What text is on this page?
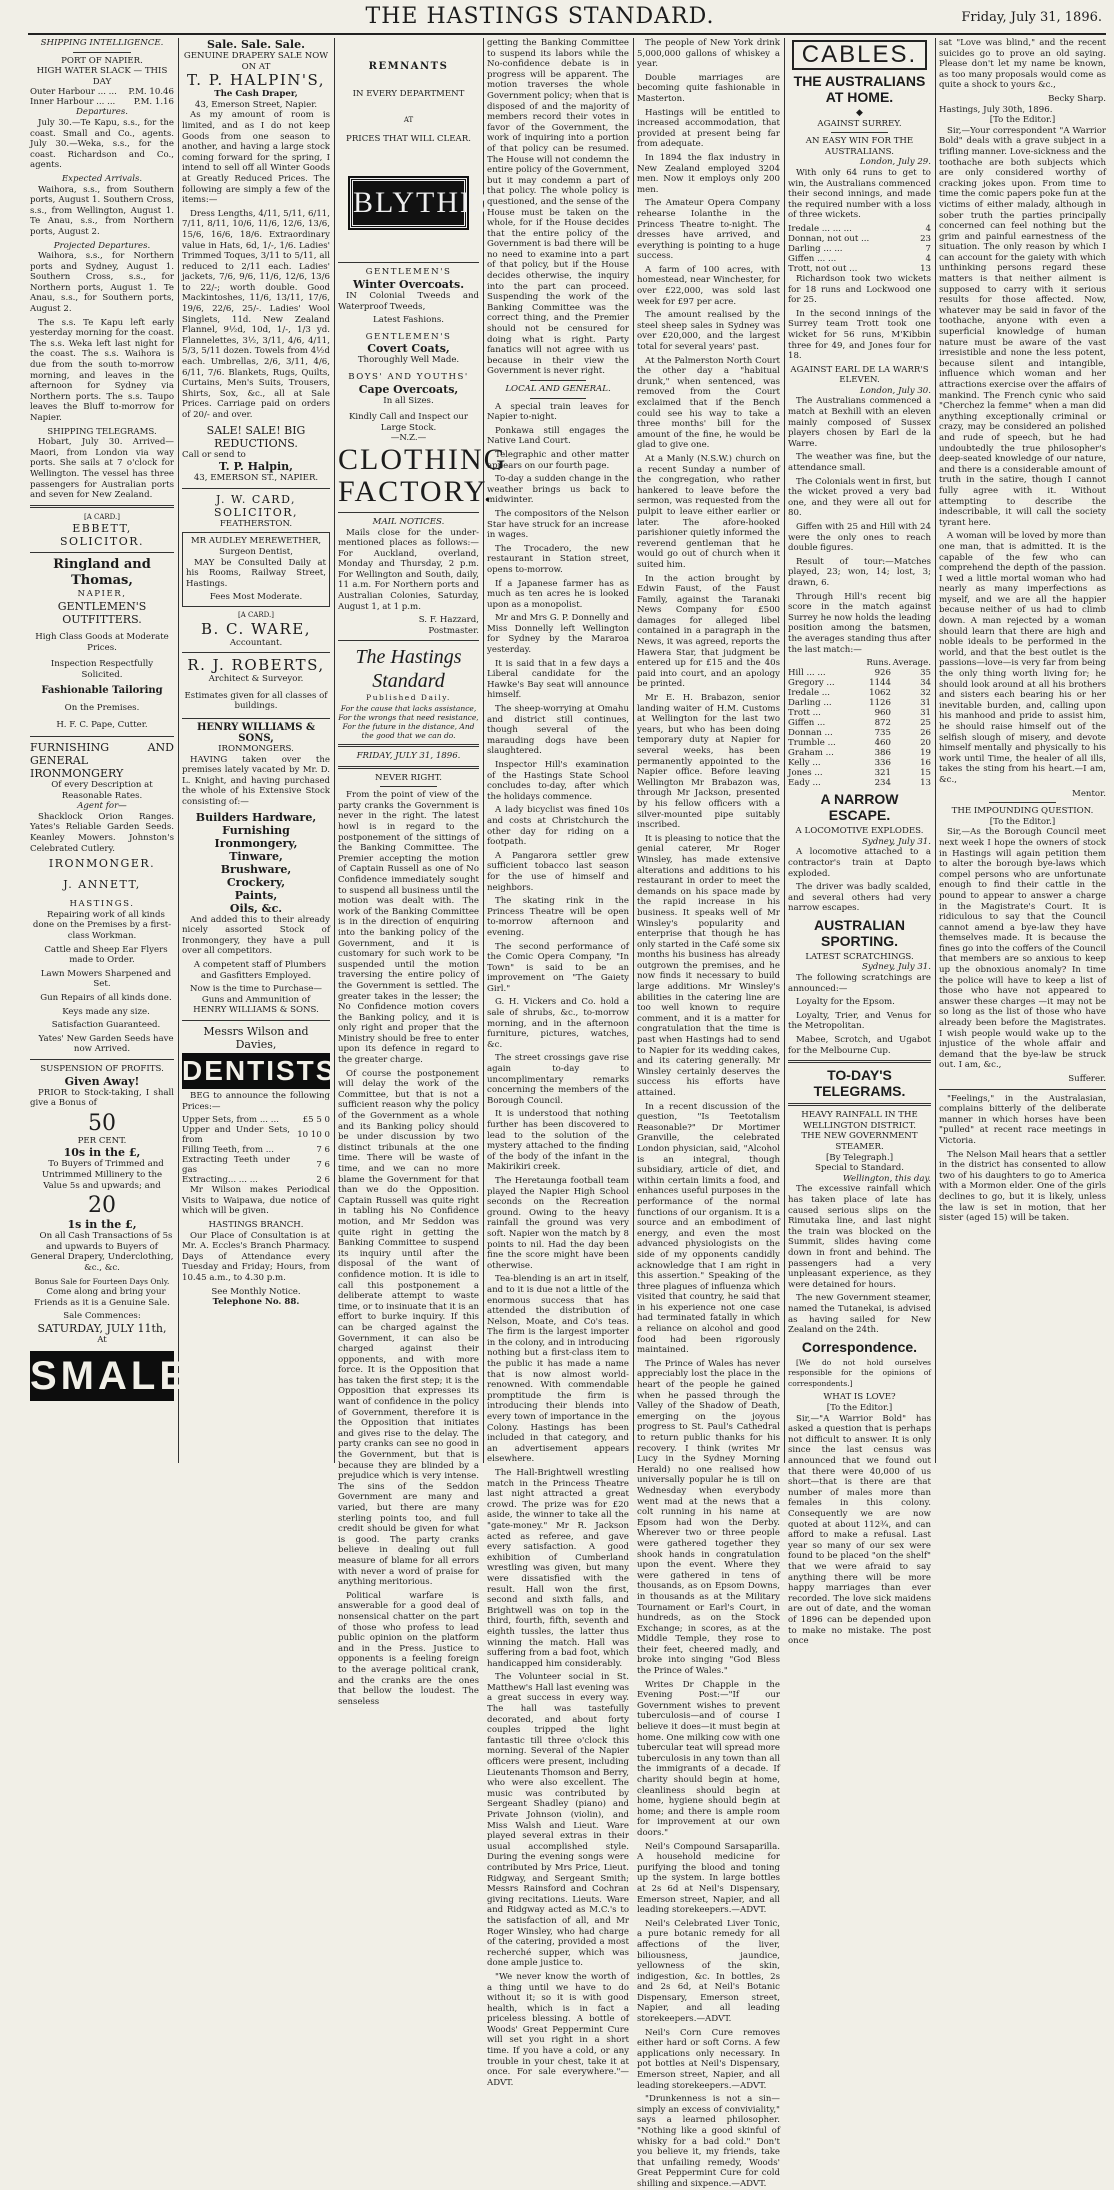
THE HASTINGS STANDARD.	Friday, July 31, 1896.
SHIPPING INTELLIGENCE.
PORT OF NAPIER.
HIGH WATER SLACK — THIS DAY
Outer Harbour ... ...	P.M. 10.46
Inner Harbour ... ...	P.M. 1.16
Departures.

July 30.—Te Kapu, s.s., for the coast. Small and Co., agents. July 30.—Weka, s.s., for the coast. Richardson and Co., agents.

Expected Arrivals.

Waihora, s.s., from Southern ports, August 1. Southern Cross, s.s., from Wellington, August 1. Te Anau, s.s., from Northern ports, August 2.

Projected Departures.

Waihora, s.s., for Northern ports and Sydney, August 1. Southern Cross, s.s., for Northern ports, August 1. Te Anau, s.s., for Southern ports, August 2.

The s.s. Te Kapu left early yesterday morning for the coast. The s.s. Weka left last night for the coast. The s.s. Waihora is due from the south to-morrow morning, and leaves in the afternoon for Sydney via Northern ports. The s.s. Taupo leaves the Bluff to-morrow for Napier.

SHIPPING TELEGRAMS.

Hobart, July 30. Arrived—Maori, from London via way ports. She sails at 7 o'clock for Wellington. The vessel has three passengers for Australian ports and seven for New Zealand.

[A CARD.]
EBBETT,
SOLICITOR.
Ringland and Thomas,
NAPIER,
GENTLEMEN'S OUTFITTERS.
High Class Goods at Moderate Prices.
Inspection Respectfully Solicited.
Fashionable Tailoring
On the Premises.
H. F. C. Pape, Cutter.
FURNISHING AND GENERAL IRONMONGERY
Of every Description at Reasonable Rates.
Agent for—

Shacklock Orion Ranges. Yates's Reliable Garden Seeds. Keanley Mowers. Johnston's Celebrated Cutlery.

IRONMONGER.
J. ANNETT,
HASTINGS.

Repairing work of all kinds done on the Premises by a first-class Workman.

Cattle and Sheep Ear Flyers made to Order.

Lawn Mowers Sharpened and Set.

Gun Repairs of all kinds done.

Keys made any size.

Satisfaction Guaranteed.

Yates' New Garden Seeds have now Arrived.

SUSPENSION OF PROFITS.
Given Away!

PRIOR to Stock-taking, I shall give a Bonus of

50
PER CENT.
10s in the £,

To Buyers of Trimmed and Untrimmed Millinery to the Value 5s and upwards; and

20
1s in the £,

On all Cash Transactions of 5s and upwards to Buyers of General Drapery, Underclothing, &c., &c.

Bonus Sale for Fourteen Days Only.

Come along and bring your Friends as it is a Genuine Sale.

Sale Commences:
SATURDAY, JULY 11th,
At
SMALE'S
Sale. Sale. Sale.
GENUINE DRAPERY SALE NOW ON AT
T. P. HALPIN'S,
The Cash Draper,
43, Emerson Street, Napier.

As my amount of room is limited, and as I do not keep Goods from one season to another, and having a large stock coming forward for the spring, I intend to sell off all Winter Goods at Greatly Reduced Prices. The following are simply a few of the items:—

Dress Lengths, 4/11, 5/11, 6/11, 7/11, 8/11, 10/6, 11/6, 12/6, 13/6, 15/6, 16/6, 18/6. Extraordinary value in Hats, 6d, 1/-, 1/6. Ladies' Trimmed Toques, 3/11 to 5/11, all reduced to 2/11 each. Ladies' jackets, 7/6, 9/6, 11/6, 12/6, 13/6 to 22/-; worth double. Good Mackintoshes, 11/6, 13/11, 17/6, 19/6, 22/6, 25/-. Ladies' Wool Singlets, 11d. New Zealand Flannel, 9½d, 10d, 1/-, 1/3 yd. Flannelettes, 3½, 3/11, 4/6, 4/11, 5/3, 5/11 dozen. Towels from 4½d each. Umbrellas, 2/6, 3/11, 4/6, 6/11, 7/6. Blankets, Rugs, Quilts, Curtains, Men's Suits, Trousers, Shirts, Sox, &c., all at Sale Prices. Carriage paid on orders of 20/- and over.

SALE! SALE! BIG REDUCTIONS.
Call or send to
T. P. Halpin,
43, EMERSON ST., NAPIER.
J. W. CARD,
SOLICITOR,
FEATHERSTON.
MR AUDLEY MEREWETHER,
Surgeon Dentist,

MAY be Consulted Daily at his Rooms, Railway Street, Hastings.

Fees Most Moderate.
[A CARD.]
B. C. WARE,
Accountant.
R. J. ROBERTS,
Architect & Surveyor.
Estimates given for all classes of buildings.
HENRY WILLIAMS & SONS,
IRONMONGERS.

HAVING taken over the premises lately vacated by Mr. D. L. Knight, and having purchased the whole of his Extensive Stock consisting of:—

Builders Hardware,
Furnishing Ironmongery,
Tinware,
Brushware,
Crockery,
Paints,
Oils, &c.

And added this to their already nicely assorted Stock of Ironmongery, they have a pull over all competitors.

A competent staff of Plumbers and Gasfitters Employed.

Now is the time to Purchase—
Guns and Ammunition of
HENRY WILLIAMS & SONS.
Messrs Wilson and Davies,
DENTISTS

BEG to announce the following Prices:—

Upper Sets, from ... ...	£5 5 0
Upper and Under Sets, from	10 10 0
Filling Teeth, from ...	7 6
Extracting Teeth under gas	7 6
Extracting... ... ...	2 6

Mr Wilson makes Periodical Visits to Waipawa, due notice of which will be given.

HASTINGS BRANCH.

Our Place of Consultation is at Mr. A. Eccles's Branch Pharmacy. Days of Attendance every Tuesday and Friday; Hours, from 10.45 a.m., to 4.30 p.m.

See Monthly Notice.
Telephone No. 88.
REMNANTS
IN EVERY DEPARTMENT
AT
PRICES THAT WILL CLEAR.
BLYTHES
GENTLEMEN'S
Winter Overcoats.

IN Colonial Tweeds and Waterproof Tweeds,

Latest Fashions.
GENTLEMEN'S
Covert Coats,
Thoroughly Well Made.
BOYS' AND YOUTHS'
Cape Overcoats,
In all Sizes.
Kindly Call and Inspect our Large Stock.
—N.Z.—
CLOTHING FACTORY.
MAIL NOTICES.

Mails close for the under-mentioned places as follows:— For Auckland, overland, Monday and Thursday, 2 p.m. For Wellington and South, daily, 11 a.m. For Northern ports and Australian Colonies, Saturday, August 1, at 1 p.m.

S. F. Hazzard,
Postmaster.
The Hastings Standard
Published Daily.
For the cause that lacks assistance, For the wrongs that need resistance, For the future in the distance, And the good that we can do.
FRIDAY, JULY 31, 1896.
NEVER RIGHT.

From the point of view of the party cranks the Government is never in the right. The latest howl is in regard to the postponement of the sittings of the Banking Committee. The Premier accepting the motion of Captain Russell as one of No Confidence immediately sought to suspend all business until the motion was dealt with. The work of the Banking Committee is in the direction of enquiring into the banking policy of the Government, and it is customary for such work to be suspended until the motion traversing the entire policy of the Government is settled. The greater takes in the lesser; the No Confidence motion covers the Banking policy, and it is only right and proper that the Ministry should be free to enter upon its defence in regard to the greater charge.

Of course the postponement will delay the work of the Committee, but that is not a sufficient reason why the policy of the Government as a whole and its Banking policy should be under discussion by two distinct tribunals at the one time. There will be waste of time, and we can no more blame the Government for that than we do the Opposition. Captain Russell was quite right in tabling his No Confidence motion, and Mr Seddon was quite right in getting the Banking Committee to suspend its inquiry until after the disposal of the want of confidence motion. It is idle to call this postponement a deliberate attempt to waste time, or to insinuate that it is an effort to burke inquiry. If this can be charged against the Government, it can also be charged against their opponents, and with more force. It is the Opposition that has taken the first step; it is the Opposition that expresses its want of confidence in the policy of Government, therefore it is the Opposition that initiates and gives rise to the delay. The party cranks can see no good in the Government, but that is because they are blinded by a prejudice which is very intense. The sins of the Seddon Government are many and varied, but there are many sterling points too, and full credit should be given for what is good. The party cranks believe in dealing out full measure of blame for all errors with never a word of praise for anything meritorious.

Political warfare is answerable for a good deal of nonsensical chatter on the part of those who profess to lead public opinion on the platform and in the Press. Justice to opponents is a feeling foreign to the average political crank, and the cranks are the ones that bellow the loudest. The senseless

getting the Banking Committee to suspend its labors while the No-confidence debate is in progress will be apparent. The motion traverses the whole Government policy; when that is disposed of and the majority of members record their votes in favor of the Government, the work of inquiring into a portion of that policy can be resumed. The House will not condemn the entire policy of the Government, but it may condemn a part of that policy. The whole policy is questioned, and the sense of the House must be taken on the whole, for if the House decides that the entire policy of the Government is bad there will be no need to examine into a part of that policy, but if the House decides otherwise, the inquiry into the part can proceed. Suspending the work of the Banking Committee was the correct thing, and the Premier should not be censured for doing what is right. Party fanatics will not agree with us because in their view the Government is never right.

LOCAL AND GENERAL.

A special train leaves for Napier to-night.

Ponkawa still engages the Native Land Court.

Telegraphic and other matter appears on our fourth page.

To-day a sudden change in the weather brings us back to midwinter.

The compositors of the Nelson Star have struck for an increase in wages.

The Trocadero, the new restaurant in Station street, opens to-morrow.

If a Japanese farmer has as much as ten acres he is looked upon as a monopolist.

Mr and Mrs G. P. Donnelly and Miss Donnelly left Wellington for Sydney by the Mararoa yesterday.

It is said that in a few days a Liberal candidate for the Hawke's Bay seat will announce himself.

The sheep-worrying at Omahu and district still continues, though several of the marauding dogs have been slaughtered.

Inspector Hill's examination of the Hastings State School concludes to-day, after which the holidays commence.

A lady bicyclist was fined 10s and costs at Christchurch the other day for riding on a footpath.

A Pangarora settler grew sufficient tobacco last season for the use of himself and neighbors.

The skating rink in the Princess Theatre will be open to-morrow afternoon and evening.

The second performance of the Comic Opera Company, "In Town" is said to be an improvement on "The Gaiety Girl."

G. H. Vickers and Co. hold a sale of shrubs, &c., to-morrow morning, and in the afternoon furniture, pictures, watches, &c.

The street crossings gave rise again to-day to uncomplimentary remarks concerning the members of the Borough Council.

It is understood that nothing further has been discovered to lead to the solution of the mystery attached to the finding of the body of the infant in the Makirikiri creek.

The Heretaunga football team played the Napier High School seconds on the Recreation ground. Owing to the heavy rainfall the ground was very soft. Napier won the match by 8 points to nil. Had the day been fine the score might have been otherwise.

Tea-blending is an art in itself, and to it is due not a little of the enormous success that has attended the distribution of Nelson, Moate, and Co's teas. The firm is the largest importer in the colony, and in introducing nothing but a first-class item to the public it has made a name that is now almost world-renowned. With commendable promptitude the firm is introducing their blends into every town of importance in the Colony. Hastings has been included in that category, and an advertisement appears elsewhere.

The Hall-Brightwell wrestling match in the Princess Theatre last night attracted a great crowd. The prize was for £20 aside, the winner to take all the "gate-money." Mr R. Jackson acted as referee, and gave every satisfaction. A good exhibition of Cumberland wrestling was given, but many were dissatisfied with the result. Hall won the first, second and sixth falls, and Brightwell was on top in the third, fourth, fifth, seventh and eighth tussles, the latter thus winning the match. Hall was suffering from a bad foot, which handicapped him considerably.

The Volunteer social in St. Matthew's Hall last evening was a great success in every way. The hall was tastefully decorated, and about forty couples tripped the light fantastic till three o'clock this morning. Several of the Napier officers were present, including Lieutenants Thomson and Berry, who were also excellent. The music was contributed by Sergeant Shadley (piano) and Private Johnson (violin), and Miss Walsh and Lieut. Ware played several extras in their usual accomplished style. During the evening songs were contributed by Mrs Price, Lieut. Ridgway, and Sergeant Smith; Messrs Rainsford and Cochran giving recitations. Lieuts. Ware and Ridgway acted as M.C.'s to the satisfaction of all, and Mr Roger Winsley, who had charge of the catering, provided a most recherché supper, which was done ample justice to.

"We never know the worth of a thing until we have to do without it; so it is with good health, which is in fact a priceless blessing. A bottle of Woods' Great Peppermint Cure will set you right in a short time. If you have a cold, or any trouble in your chest, take it at once. For sale everywhere."—ADVT.

The people of New York drink 5,000,000 gallons of whiskey a year.

Double marriages are becoming quite fashionable in Masterton.

Hastings will be entitled to increased accommodation, that provided at present being far from adequate.

In 1894 the flax industry in New Zealand employed 3204 men. Now it employs only 200 men.

The Amateur Opera Company rehearse Iolanthe in the Princess Theatre to-night. The dresses have arrived, and everything is pointing to a huge success.

A farm of 100 acres, with homestead, near Winchester, for over £22,000, was sold last week for £97 per acre.

The amount realised by the steel sheep sales in Sydney was over £20,000, and the largest total for several years' past.

At the Palmerston North Court the other day a "habitual drunk," when sentenced, was removed from the Court exclaimed that if the Bench could see his way to take a three months' bill for the amount of the fine, he would be glad to give one.

At a Manly (N.S.W.) church on a recent Sunday a number of the congregation, who rather hankered to leave before the sermon, was requested from the pulpit to leave either earlier or later. The afore-hooked parishioner quietly informed the reverend gentleman that he would go out of church when it suited him.

In the action brought by Edwin Faust, of the Faust Family, against the Taranaki News Company for £500 damages for alleged libel contained in a paragraph in the News, it was agreed, reports the Hawera Star, that judgment be entered up for £15 and the 40s paid into court, and an apology be printed.

Mr E. H. Brabazon, senior landing waiter of H.M. Customs at Wellington for the last two years, but who has been doing temporary duty at Napier for several weeks, has been permanently appointed to the Napier office. Before leaving Wellington Mr Brabazon was, through Mr Jackson, presented by his fellow officers with a silver-mounted pipe suitably inscribed.

It is pleasing to notice that the genial caterer, Mr Roger Winsley, has made extensive alterations and additions to his restaurant in order to meet the demands on his space made by the rapid increase in his business. It speaks well of Mr Winsley's popularity and enterprise that though he has only started in the Café some six months his business has already outgrown the premises, and he now finds it necessary to build large additions. Mr Winsley's abilities in the catering line are too well known to require comment, and it is a matter for congratulation that the time is past when Hastings had to send to Napier for its wedding cakes, and its catering generally. Mr Winsley certainly deserves the success his efforts have attained.

In a recent discussion of the question, "Is Teetotalism Reasonable?" Dr Mortimer Granville, the celebrated London physician, said, "Alcohol is an integral, though subsidiary, article of diet, and within certain limits a food, and enhances useful purposes in the performance of the normal functions of our organism. It is a source and an embodiment of energy, and even the most advanced physiologists on the side of my opponents candidly acknowledge that I am right in this assertion." Speaking of the three plagues of influenza which visited that country, he said that in his experience not one case had terminated fatally in which a reliance on alcohol and good food had been rigorously maintained.

The Prince of Wales has never appreciably lost the place in the heart of the people he gained when he passed through the Valley of the Shadow of Death, emerging on the joyous progress to St. Paul's Cathedral to return public thanks for his recovery. I think (writes Mr Lucy in the Sydney Morning Herald) no one realised how universally popular he is till on Wednesday when everybody went mad at the news that a colt running in his name at Epsom had won the Derby. Wherever two or three people were gathered together they shook hands in congratulation upon the event. Where they were gathered in tens of thousands, as on Epsom Downs, in thousands as at the Military Tournament or Earl's Court, in hundreds, as on the Stock Exchange; in scores, as at the Middle Temple, they rose to their feet, cheered madly, and broke into singing "God Bless the Prince of Wales."

Writes Dr Chapple in the Evening Post:—"If our Government wishes to prevent tuberculosis—and of course I believe it does—it must begin at home. One milking cow with one tubercular teat will spread more tuberculosis in any town than all the immigrants of a decade. If charity should begin at home, cleanliness should begin at home, hygiene should begin at home; and there is ample room for improvement at our own doors."

Neil's Compound Sarsaparilla. A household medicine for purifying the blood and toning up the system. In large bottles at 2s 6d at Neil's Dispensary, Emerson street, Napier, and all leading storekeepers.—ADVT.

Neil's Celebrated Liver Tonic, a pure botanic remedy for all affections of the liver, biliousness, jaundice, yellowness of the skin, indigestion, &c. In bottles, 2s and 2s 6d, at Neil's Botanic Dispensary, Emerson street, Napier, and all leading storekeepers.—ADVT.

Neil's Corn Cure removes either hard or soft Corns. A few applications only necessary. In pot bottles at Neil's Dispensary, Emerson street, Napier, and all leading storekeepers.—ADVT.

"Drunkenness is not a sin—simply an excess of conviviality," says a learned philosopher. "Nothing like a good skinful of whisky for a bad cold." Don't you believe it, my friends, take that unfailing remedy, Woods' Great Peppermint Cure for cold shilling and sixpence.—ADVT.

CABLES.
THE AUSTRALIANS AT HOME.
◆
AGAINST SURREY.
AN EASY WIN FOR THE AUSTRALIANS.
London, July 29.

With only 64 runs to get to win, the Australians commenced their second innings, and made the required number with a loss of three wickets.

Iredale ... ... ...	4
Donnan, not out ...	23
Darling ... ...	7
Giffen ... ...	4
Trott, not out ...	13

Richardson took two wickets for 18 runs and Lockwood one for 25.

In the second innings of the Surrey team Trott took one wicket for 56 runs, M'Kibbin three for 49, and Jones four for 18.

AGAINST EARL DE LA WARR'S ELEVEN.
London, July 30.

The Australians commenced a match at Bexhill with an eleven mainly composed of Sussex players chosen by Earl de la Warre.

The weather was fine, but the attendance small.

The Colonials went in first, but the wicket proved a very bad one, and they were all out for 80.

Giffen with 25 and Hill with 24 were the only ones to reach double figures.

Result of tour:—Matches played, 23; won, 14; lost, 3; drawn, 6.

Through Hill's recent big score in the match against Surrey he now holds the leading position among the batsmen, the averages standing thus after the last match:—

	Runs.	Average.
Hill ... ...	926	35
Gregory ...	1144	34
Iredale ...	1062	32
Darling ...	1126	31
Trott ...	960	31
Giffen ...	872	25
Donnan ...	735	26
Trumble ...	460	20
Graham ...	386	19
Kelly ...	336	16
Jones ...	321	15
Eady ...	234	13
A NARROW ESCAPE.
A LOCOMOTIVE EXPLODES.
Sydney, July 31.

A locomotive attached to a contractor's train at Dapto exploded.

The driver was badly scalded, and several others had very narrow escapes.

AUSTRALIAN SPORTING.
LATEST SCRATCHINGS.
Sydney, July 31.

The following scratchings are announced:—

Loyalty for the Epsom.

Loyalty, Trier, and Venus for the Metropolitan.

Mabee, Scrotch, and Ugabot for the Melbourne Cup.

TO-DAY'S TELEGRAMS.
HEAVY RAINFALL IN THE WELLINGTON DISTRICT.
THE NEW GOVERNMENT STEAMER.
[By Telegraph.]
Special to Standard.
Wellington, this day.

The excessive rainfall which has taken place of late has caused serious slips on the Rimutaka line, and last night the train was blocked on the Summit, slides having come down in front and behind. The passengers had a very unpleasant experience, as they were detained for hours.

The new Government steamer, named the Tutanekai, is advised as having sailed for New Zealand on the 24th.

Correspondence.

[We do not hold ourselves responsible for the opinions of correspondents.]

WHAT IS LOVE?
[To the Editor.]

Sir,—"A Warrior Bold" has asked a question that is perhaps not difficult to answer. It is only since the last census was announced that we found out that there were 40,000 of us short—that is there are that number of males more than females in this colony. Consequently we are now quoted at about 112¾, and can afford to make a refusal. Last year so many of our sex were found to be placed "on the shelf" that we were afraid to say anything there will be more happy marriages than ever recorded. The love sick maidens are out of date, and the woman of 1896 can be depended upon to make no mistake. The post once

sat "Love was blind," and the recent suicides go to prove an old saying. Please don't let my name be known, as too many proposals would come as quite a shock to yours &c.,

Becky Sharp.
Hastings, July 30th, 1896.
[To the Editor.]

Sir,—Your correspondent "A Warrior Bold" deals with a grave subject in a trifling manner. Love-sickness and the toothache are both subjects which are only considered worthy of cracking jokes upon. From time to time the comic papers poke fun at the victims of either malady, although in sober truth the parties principally concerned can feel nothing but the grim and painful earnestness of the situation. The only reason by which I can account for the gaiety with which unthinking persons regard these matters is that neither ailment is supposed to carry with it serious results for those affected. Now, whatever may be said in favor of the toothache, anyone with even a superficial knowledge of human nature must be aware of the vast irresistible and none the less potent, because silent and intangible, influence which woman and her attractions exercise over the affairs of mankind. The French cynic who said "Cherchez la femme" when a man did anything exceptionally criminal or crazy, may be considered an polished and rude of speech, but he had undoubtedly the true philosopher's deep-seated knowledge of our nature, and there is a considerable amount of truth in the satire, though I cannot fully agree with it. Without attempting to describe the indescribable, it will call the society tyrant here.

A woman will be loved by more than one man, that is admitted. It is the capable of the few who can comprehend the depth of the passion. I wed a little mortal woman who had nearly as many imperfections as myself, and we are all the happier because neither of us had to climb down. A man rejected by a woman should learn that there are high and noble ideals to be performed in the world, and that the best outlet is the passions—love—is very far from being the only thing worth living for; he should look around at all his brothers and sisters each bearing his or her inevitable burden, and, calling upon his manhood and pride to assist him, he should raise himself out of the selfish slough of misery, and devote himself mentally and physically to his work until Time, the healer of all ills, takes the sting from his heart.—I am, &c.,

Mentor.
THE IMPOUNDING QUESTION.
[To the Editor.]

Sir,—As the Borough Council meet next week I hope the owners of stock in Hastings will again petition them to alter the borough bye-laws which compel persons who are unfortunate enough to find their cattle in the pound to appear to answer a charge in the Magistrate's Court. It is ridiculous to say that the Council cannot amend a bye-law they have themselves made. It is because the fines go into the coffers of the Council that members are so anxious to keep up the obnoxious anomaly? In time the police will have to keep a list of those who have not appeared to answer these charges —it may not be so long as the list of those who have already been before the Magistrates. I wish people would wake up to the injustice of the whole affair and demand that the bye-law be struck out. I am, &c.,

Sufferer.

"Feelings," in the Australasian, complains bitterly of the deliberate manner in which horses have been "pulled" at recent race meetings in Victoria.

The Nelson Mail hears that a settler in the district has consented to allow two of his daughters to go to America with a Mormon elder. One of the girls declines to go, but it is likely, unless the law is set in motion, that her sister (aged 15) will be taken.
